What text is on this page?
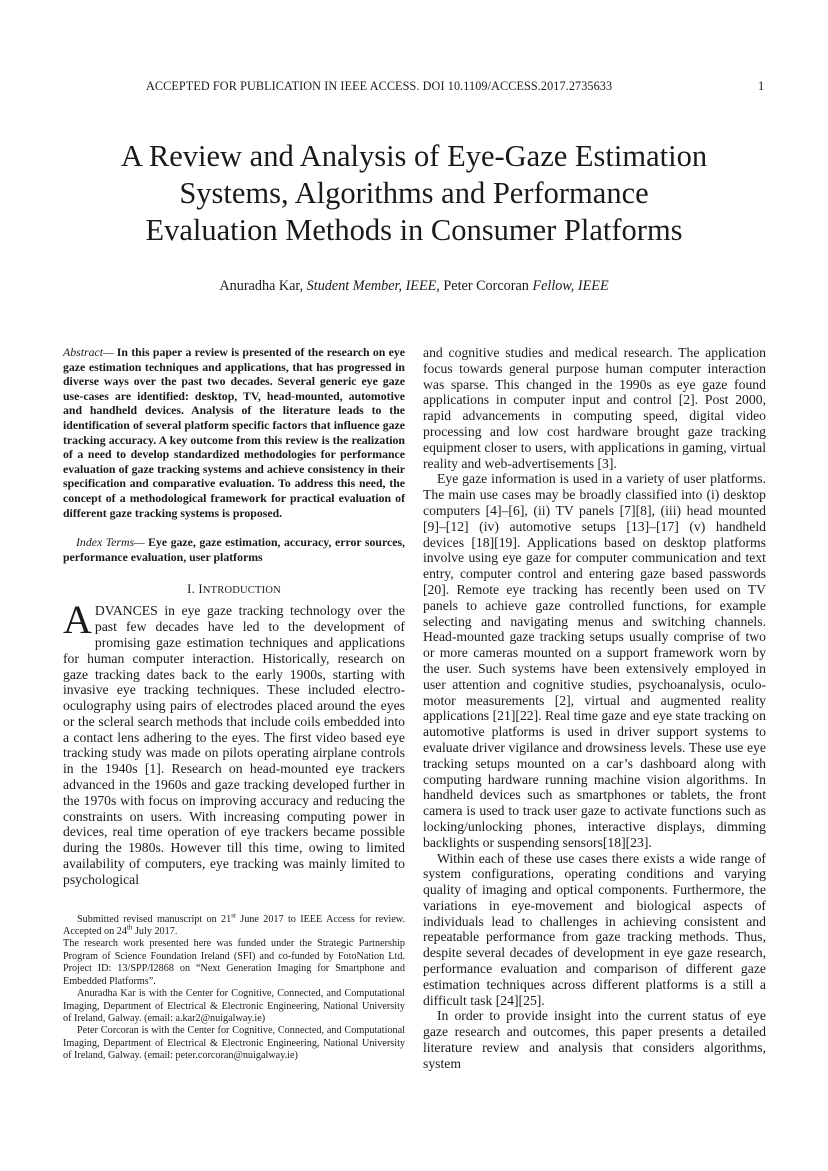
ACCEPTED FOR PUBLICATION IN IEEE ACCESS. DOI 10.1109/ACCESS.2017.2735633	1
A Review and Analysis of Eye-Gaze Estimation
Systems, Algorithms and Performance
Evaluation Methods in Consumer Platforms
Anuradha Kar, Student Member, IEEE, Peter Corcoran Fellow, IEEE

Abstract— In this paper a review is presented of the research on eye gaze estimation techniques and applications, that has progressed in diverse ways over the past two decades. Several generic eye gaze use-cases are identified: desktop, TV, head-mounted, automotive and handheld devices. Analysis of the literature leads to the identification of several platform specific factors that influence gaze tracking accuracy. A key outcome from this review is the realization of a need to develop standardized methodologies for performance evaluation of gaze tracking systems and achieve consistency in their specification and comparative evaluation. To address this need, the concept of a methodological framework for practical evaluation of different gaze tracking systems is proposed.

Index Terms— Eye gaze, gaze estimation, accuracy, error sources, performance evaluation, user platforms

I. INTRODUCTION

ADVANCES in eye gaze tracking technology over the past few decades have led to the development of promising gaze estimation techniques and applications for human computer interaction. Historically, research on gaze tracking dates back to the early 1900s, starting with invasive eye tracking techniques. These included electro-oculography using pairs of electrodes placed around the eyes or the scleral search methods that include coils embedded into a contact lens adhering to the eyes. The first video based eye tracking study was made on pilots operating airplane controls in the 1940s [1]. Research on head-mounted eye trackers advanced in the 1960s and gaze tracking developed further in the 1970s with focus on improving accuracy and reducing the constraints on users. With increasing computing power in devices, real time operation of eye trackers became possible during the 1980s. However till this time, owing to limited availability of computers, eye tracking was mainly limited to psychological

Submitted revised manuscript on 21st June 2017 to IEEE Access for review. Accepted on 24th July 2017.

The research work presented here was funded under the Strategic Partnership Program of Science Foundation Ireland (SFI) and co-funded by FotoNation Ltd. Project ID: 13/SPP/I2868 on “Next Generation Imaging for Smartphone and Embedded Platforms”.

Anuradha Kar is with the Center for Cognitive, Connected, and Computational Imaging, Department of Electrical & Electronic Engineering, National University of Ireland, Galway. (email: a.kar2@nuigalway.ie)

Peter Corcoran is with the Center for Cognitive, Connected, and Computational Imaging, Department of Electrical & Electronic Engineering, National University of Ireland, Galway. (email: peter.corcoran@nuigalway.ie)

and cognitive studies and medical research. The application focus towards general purpose human computer interaction was sparse. This changed in the 1990s as eye gaze found applications in computer input and control [2]. Post 2000, rapid advancements in computing speed, digital video processing and low cost hardware brought gaze tracking equipment closer to users, with applications in gaming, virtual reality and web-advertisements [3].

Eye gaze information is used in a variety of user platforms. The main use cases may be broadly classified into (i) desktop computers [4]–[6], (ii) TV panels [7][8], (iii) head mounted [9]–[12] (iv) automotive setups [13]–[17] (v) handheld devices [18][19]. Applications based on desktop platforms involve using eye gaze for computer communication and text entry, computer control and entering gaze based passwords [20]. Remote eye tracking has recently been used on TV panels to achieve gaze controlled functions, for example selecting and navigating menus and switching channels. Head-mounted gaze tracking setups usually comprise of two or more cameras mounted on a support framework worn by the user. Such systems have been extensively employed in user attention and cognitive studies, psychoanalysis, oculo-motor measurements [2], virtual and augmented reality applications [21][22]. Real time gaze and eye state tracking on automotive platforms is used in driver support systems to evaluate driver vigilance and drowsiness levels. These use eye tracking setups mounted on a car’s dashboard along with computing hardware running machine vision algorithms. In handheld devices such as smartphones or tablets, the front camera is used to track user gaze to activate functions such as locking/unlocking phones, interactive displays, dimming backlights or suspending sensors[18][23].

Within each of these use cases there exists a wide range of system configurations, operating conditions and varying quality of imaging and optical components. Furthermore, the variations in eye-movement and biological aspects of individuals lead to challenges in achieving consistent and repeatable performance from gaze tracking methods. Thus, despite several decades of development in eye gaze research, performance evaluation and comparison of different gaze estimation techniques across different platforms is a still a difficult task [24][25].

In order to provide insight into the current status of eye gaze research and outcomes, this paper presents a detailed literature review and analysis that considers algorithms, system
